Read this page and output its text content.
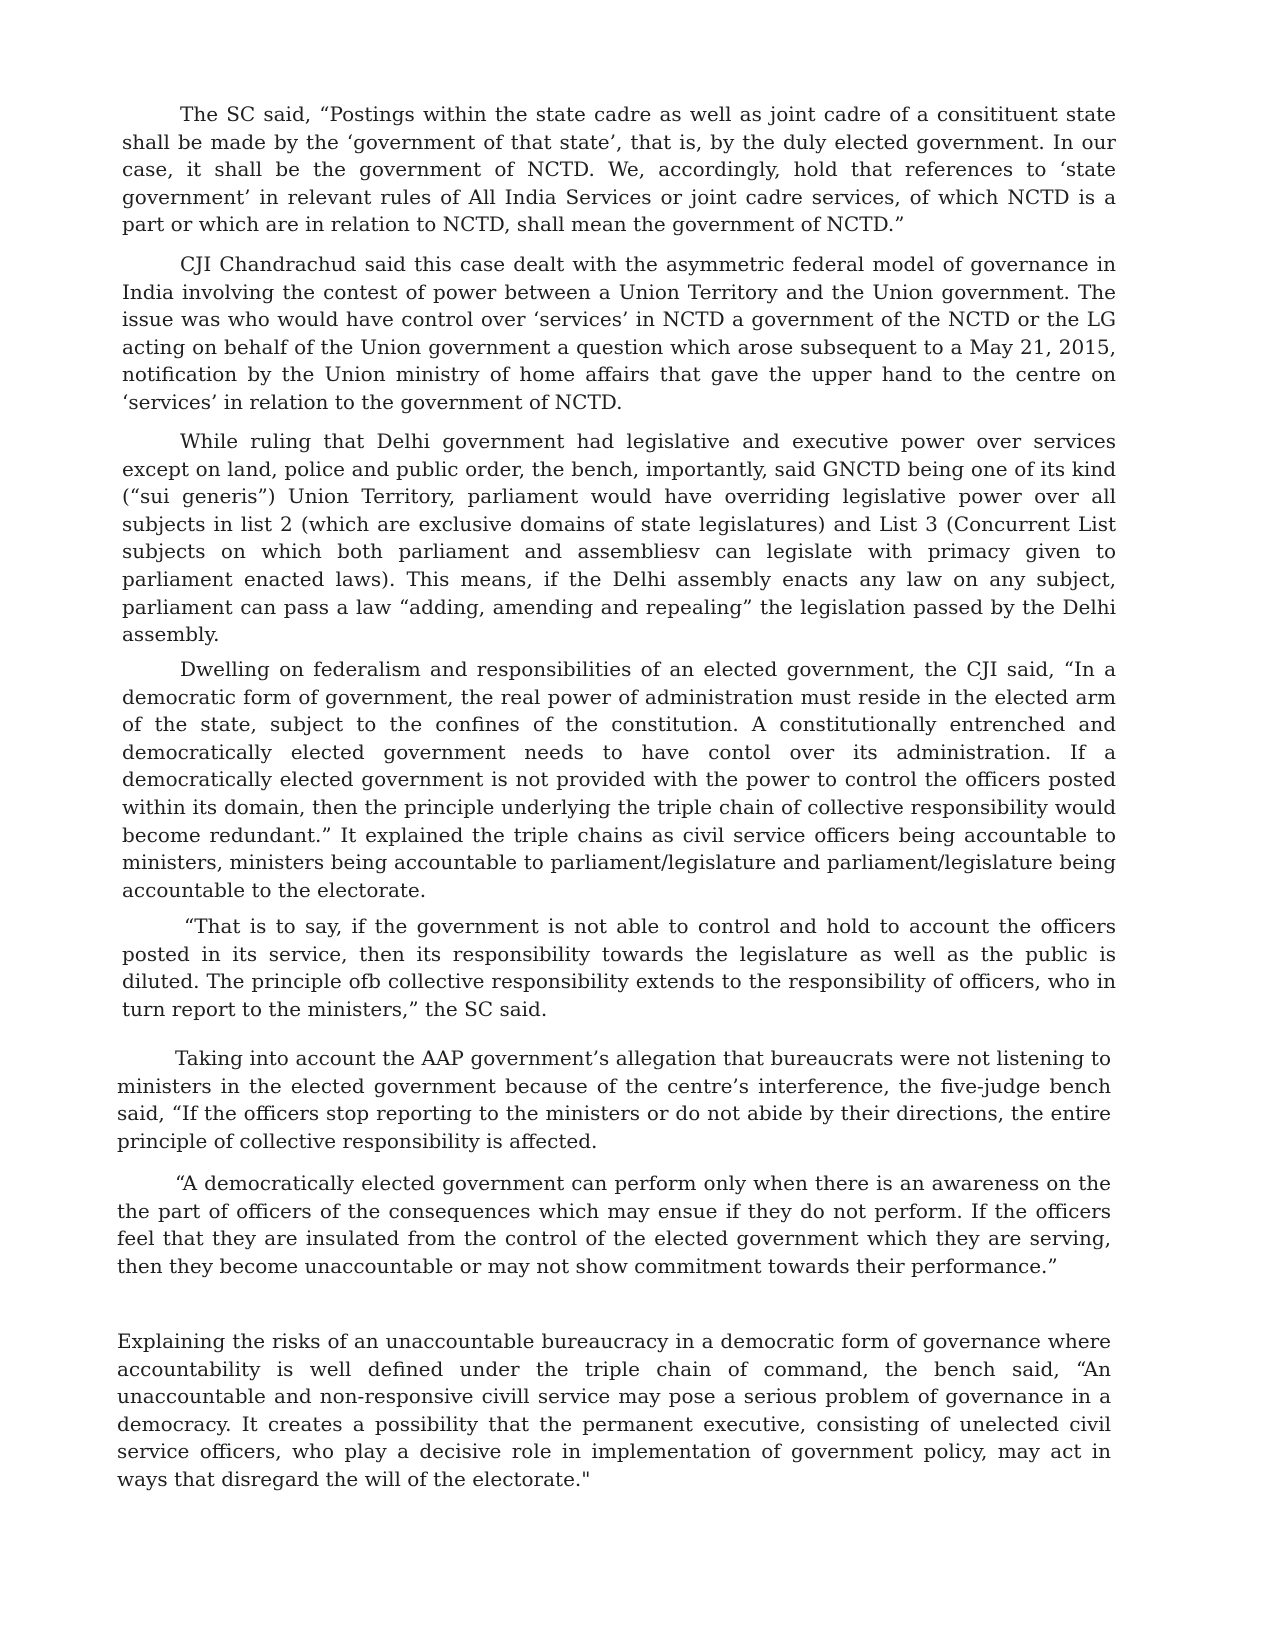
The SC said, “Postings within the state cadre as well as joint cadre of a consitituent state shall be made by the ‘government of that state’, that is, by the duly elected government. In our case, it shall be the government of NCTD. We, accordingly, hold that references to ‘state government’ in relevant rules of All India Services or joint cadre services, of which NCTD is a part or which are in relation to NCTD, shall mean the government of NCTD.”

CJI Chandrachud said this case dealt with the asymmetric federal model of governance in India involving the contest of power between a Union Territory and the Union government. The issue was who would have control over ‘services’ in NCTD a government of the NCTD or the LG acting on behalf of the Union government a question which arose subsequent to a May 21, 2015, notification by the Union ministry of home affairs that gave the upper hand to the centre on ‘services’ in relation to the government of NCTD.

While ruling that Delhi government had legislative and executive power over services except on land, police and public order, the bench, importantly, said GNCTD being one of its kind (“sui generis”) Union Territory, parliament would have overriding legislative power over all subjects in list 2 (which are exclusive domains of state legislatures) and List 3 (Concurrent List subjects on which both parliament and assembliesv can legislate with primacy given to parliament enacted laws). This means, if the Delhi assembly enacts any law on any subject, parliament can pass a law “adding, amending and repealing” the legislation passed by the Delhi assembly.

Dwelling on federalism and responsibilities of an elected government, the CJI said, “In a democratic form of government, the real power of administration must reside in the elected arm of the state, subject to the confines of the constitution. A constitutionally entrenched and democratically elected government needs to have contol over its administration. If a democratically elected government is not provided with the power to control the officers posted within its domain, then the principle underlying the triple chain of collective responsibility would become redundant.” It explained the triple chains as civil service officers being accountable to ministers, ministers being accountable to parliament/legislature and parliament/legislature being accountable to the electorate.

“That is to say, if the government is not able to control and hold to account the officers posted in its service, then its responsibility towards the legislature as well as the public is diluted. The principle ofb collective responsibility extends to the responsibility of officers, who in turn report to the ministers,” the SC said.

Taking into account the AAP government’s allegation that bureaucrats were not listening to ministers in the elected government because of the centre’s interference, the five-judge bench said, “If the officers stop reporting to the ministers or do not abide by their directions, the entire principle of collective responsibility is affected.

“A democratically elected government can perform only when there is an awareness on the the part of officers of the consequences which may ensue if they do not perform. If the officers feel that they are insulated from the control of the elected government which they are serving, then they become unaccountable or may not show commitment towards their performance.”

Explaining the risks of an unaccountable bureaucracy in a democratic form of governance where accountability is well defined under the triple chain of command, the bench said, “An unaccountable and non-responsive civill service may pose a serious problem of governance in a democracy. It creates a possibility that the permanent executive, consisting of unelected civil service officers, who play a decisive role in implementation of government policy, may act in ways that disregard the will of the electorate."
